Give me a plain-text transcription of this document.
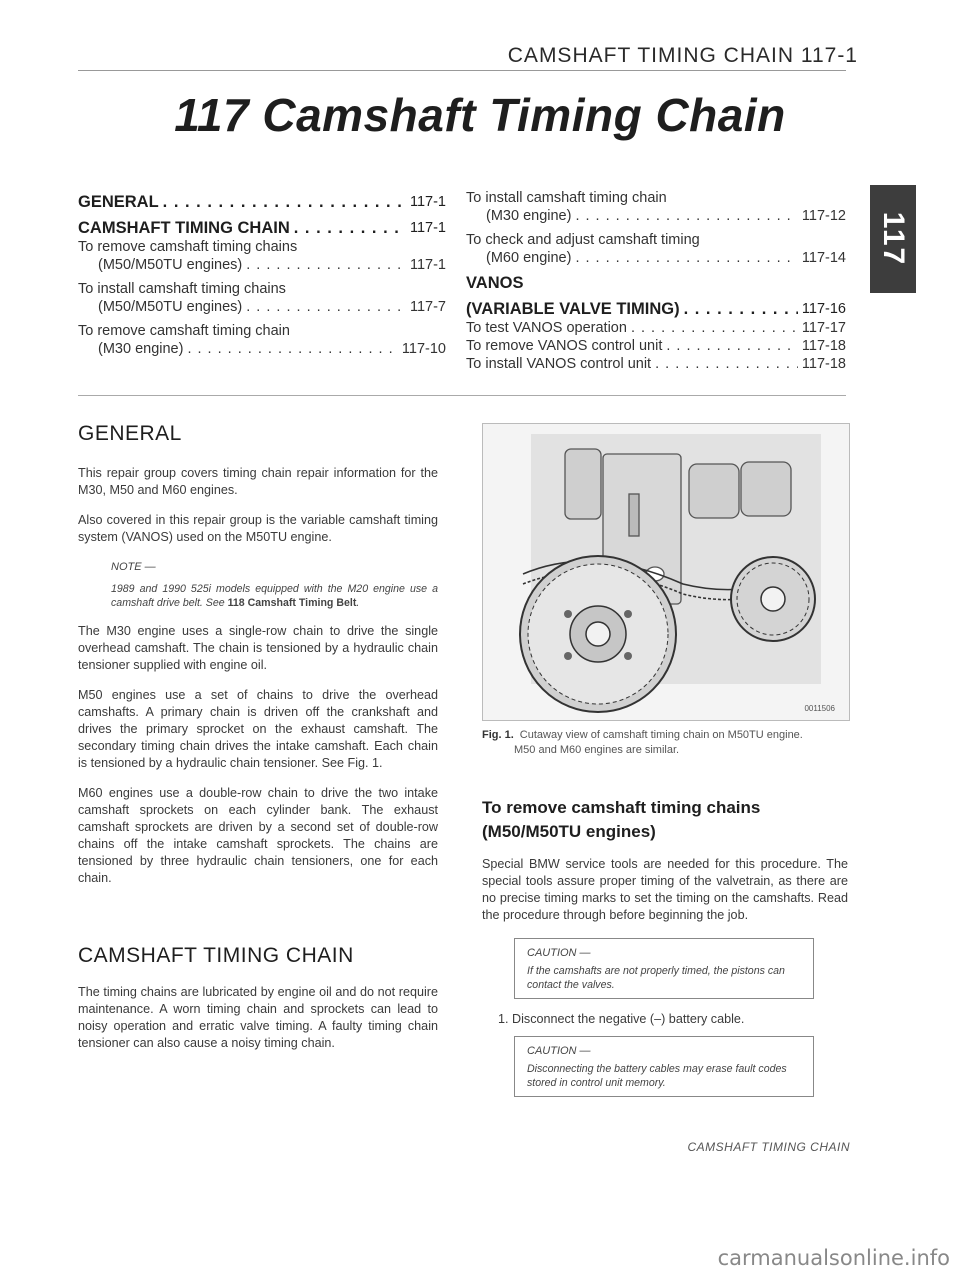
CAMSHAFT TIMING CHAIN 117-1
117 Camshaft Timing Chain
GENERAL . . .	117-1
CAMSHAFT TIMING CHAIN . . .	117-1
To remove camshaft timing chains
(M50/M50TU engines) . . .	117-1
To install camshaft timing chains
(M50/M50TU engines) . . .	117-7
To remove camshaft timing chain
(M30 engine) . . .	117-10
To install camshaft timing chain
(M30 engine) . . .	117-12
To check and adjust camshaft timing
(M60 engine) . . .	117-14
VANOS
(VARIABLE VALVE TIMING) . . .	117-16
To test VANOS operation . . .	117-17
To remove VANOS control unit . . .	117-18
To install VANOS control unit . . .	117-18
117
GENERAL

This repair group covers timing chain repair information for the M30, M50 and M60 engines.

Also covered in this repair group is the variable camshaft timing system (VANOS) used on the M50TU engine.

NOTE —
1989 and 1990 525i models equipped with the M20 engine use a camshaft drive belt. See 118 Camshaft Timing Belt.

The M30 engine uses a single-row chain to drive the single overhead camshaft. The chain is tensioned by a hydraulic chain tensioner supplied with engine oil.

M50 engines use a set of chains to drive the overhead camshafts. A primary chain is driven off the crankshaft and drives the primary sprocket on the exhaust camshaft. The secondary timing chain drives the intake camshaft. Each chain is tensioned by a hydraulic chain tensioner. See Fig. 1.

M60 engines use a double-row chain to drive the two intake camshaft sprockets on each cylinder bank. The exhaust camshaft sprockets are driven by a second set of double-row chains off the intake camshaft sprockets. The chains are tensioned by three hydraulic chain tensioners, one for each chain.

CAMSHAFT TIMING CHAIN

The timing chains are lubricated by engine oil and do not require maintenance. A worn timing chain and sprockets can lead to noisy operation and erratic valve timing. A faulty timing chain tensioner can also cause a noisy timing chain.

0011506
Fig. 1. Cutaway view of camshaft timing chain on M50TU engine.
M50 and M60 engines are similar.
To remove camshaft timing chains
(M50/M50TU engines)
Special BMW service tools are needed for this procedure. The special tools assure proper timing of the valvetrain, as there are no precise timing marks to set the timing on the camshafts. Read the procedure through before beginning the job.
CAUTION —
If the camshafts are not properly timed, the pistons can contact the valves.
1. Disconnect the negative (–) battery cable.
CAUTION —
Disconnecting the battery cables may erase fault codes stored in control unit memory.
CAMSHAFT TIMING CHAIN
carmanualsonline.info
